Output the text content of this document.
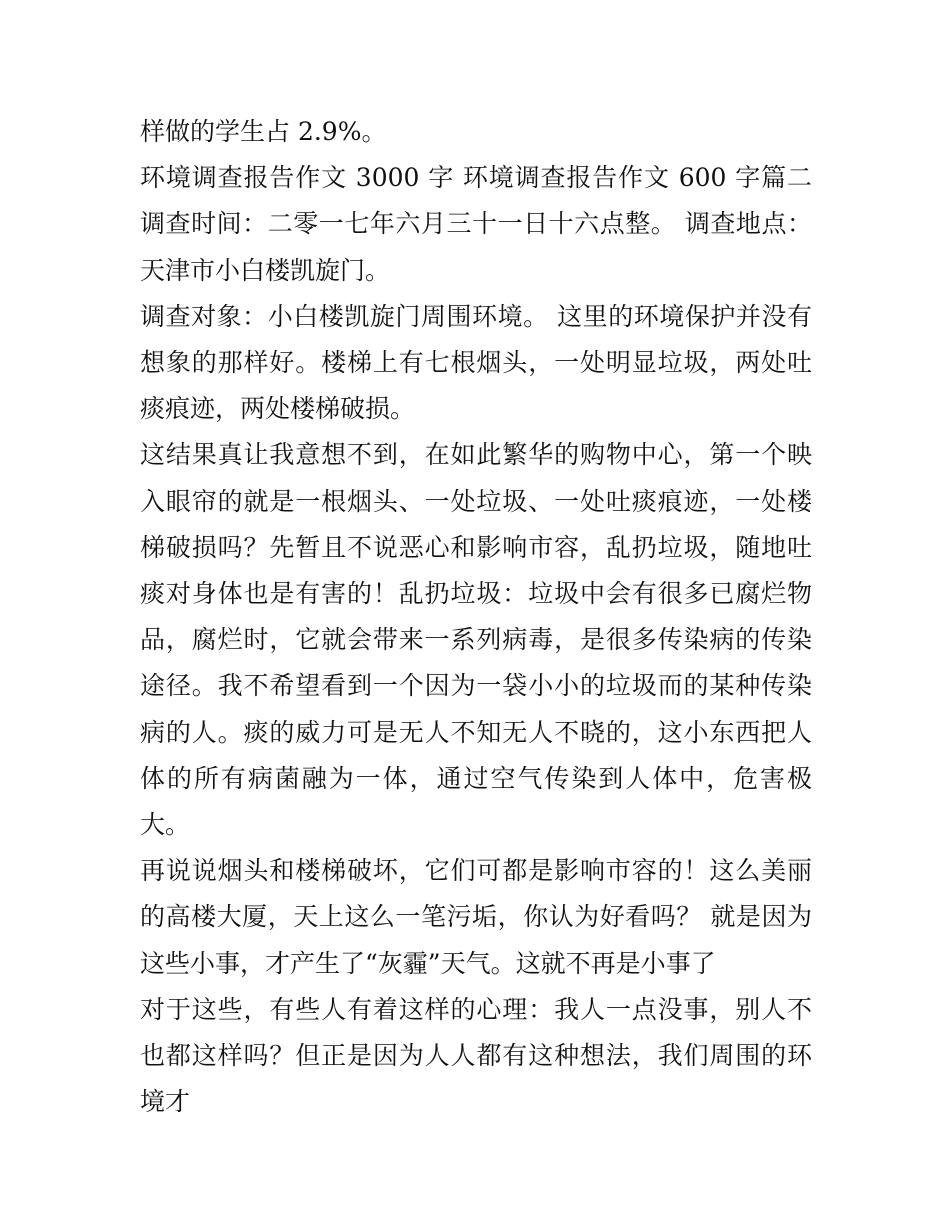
样做的学生占 2.9%。

环境调查报告作文 3000 字 环境调查报告作文 600 字篇二 调查时间：二零一七年六月三十一日十六点整。 调查地点：天津市小白楼凯旋门。

调查对象：小白楼凯旋门周围环境。 这里的环境保护并没有想象的那样好。楼梯上有七根烟头，一处明显垃圾，两处吐痰痕迹，两处楼梯破损。

这结果真让我意想不到，在如此繁华的购物中心，第一个映入眼帘的就是一根烟头、一处垃圾、一处吐痰痕迹，一处楼梯破损吗？先暂且不说恶心和影响市容，乱扔垃圾，随地吐痰对身体也是有害的！乱扔垃圾：垃圾中会有很多已腐烂物品，腐烂时，它就会带来一系列病毒，是很多传染病的传染途径。我不希望看到一个因为一袋小小的垃圾而的某种传染病的人。痰的威力可是无人不知无人不晓的，这小东西把人体的所有病菌融为一体，通过空气传染到人体中，危害极大。

再说说烟头和楼梯破坏，它们可都是影响市容的！这么美丽的高楼大厦，天上这么一笔污垢，你认为好看吗？ 就是因为这些小事，才产生了“灰霾”天气。这就不再是小事了

对于这些，有些人有着这样的心理：我人一点没事，别人不也都这样吗？但正是因为人人都有这种想法，我们周围的环境才
